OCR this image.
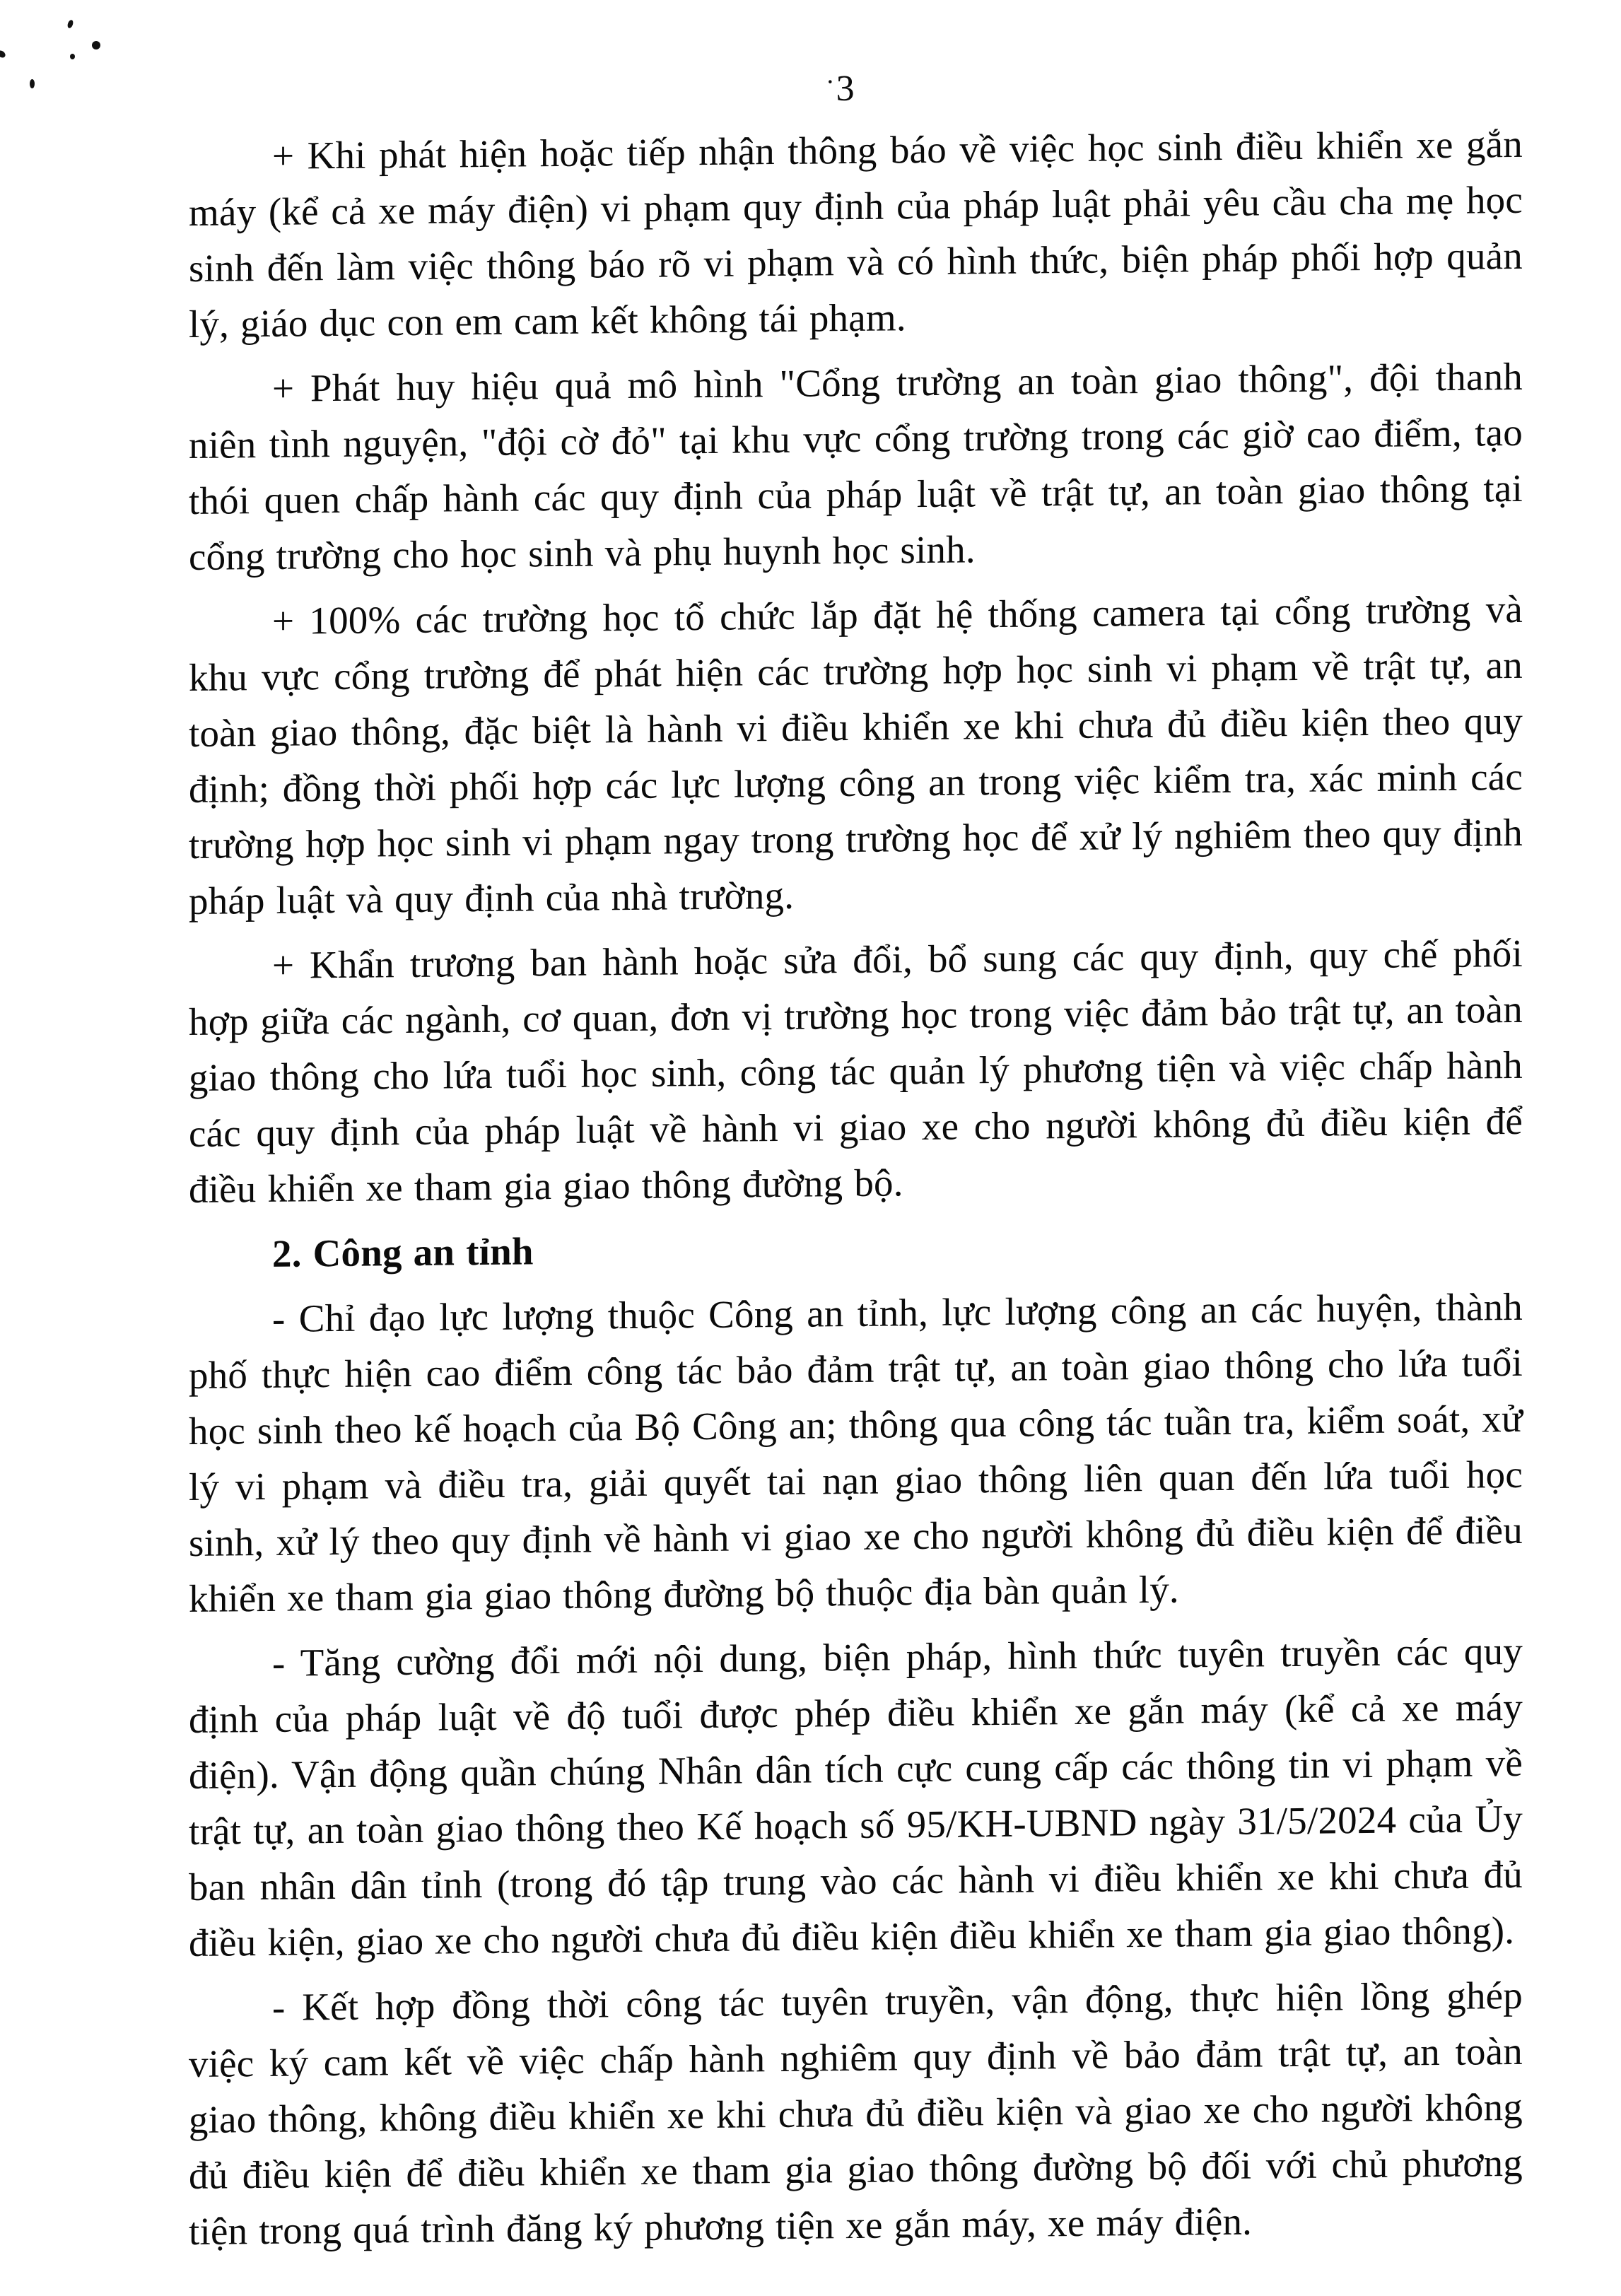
·3

+ Khi phát hiện hoặc tiếp nhận thông báo về việc học sinh điều khiển xe gắn máy (kể cả xe máy điện) vi phạm quy định của pháp luật phải yêu cầu cha mẹ học sinh đến làm việc thông báo rõ vi phạm và có hình thức, biện pháp phối hợp quản lý, giáo dục con em cam kết không tái phạm.

+ Phát huy hiệu quả mô hình "Cổng trường an toàn giao thông", đội thanh niên tình nguyện, "đội cờ đỏ" tại khu vực cổng trường trong các giờ cao điểm, tạo thói quen chấp hành các quy định của pháp luật về trật tự, an toàn giao thông tại cổng trường cho học sinh và phụ huynh học sinh.

+ 100% các trường học tổ chức lắp đặt hệ thống camera tại cổng trường và khu vực cổng trường để phát hiện các trường hợp học sinh vi phạm về trật tự, an toàn giao thông, đặc biệt là hành vi điều khiển xe khi chưa đủ điều kiện theo quy định; đồng thời phối hợp các lực lượng công an trong việc kiểm tra, xác minh các trường hợp học sinh vi phạm ngay trong trường học để xử lý nghiêm theo quy định pháp luật và quy định của nhà trường.

+ Khẩn trương ban hành hoặc sửa đổi, bổ sung các quy định, quy chế phối hợp giữa các ngành, cơ quan, đơn vị trường học trong việc đảm bảo trật tự, an toàn giao thông cho lứa tuổi học sinh, công tác quản lý phương tiện và việc chấp hành các quy định của pháp luật về hành vi giao xe cho người không đủ điều kiện để điều khiển xe tham gia giao thông đường bộ.

2. Công an tỉnh

- Chỉ đạo lực lượng thuộc Công an tỉnh, lực lượng công an các huyện, thành phố thực hiện cao điểm công tác bảo đảm trật tự, an toàn giao thông cho lứa tuổi học sinh theo kế hoạch của Bộ Công an; thông qua công tác tuần tra, kiểm soát, xử lý vi phạm và điều tra, giải quyết tai nạn giao thông liên quan đến lứa tuổi học sinh, xử lý theo quy định về hành vi giao xe cho người không đủ điều kiện để điều khiển xe tham gia giao thông đường bộ thuộc địa bàn quản lý.

- Tăng cường đổi mới nội dung, biện pháp, hình thức tuyên truyền các quy định của pháp luật về độ tuổi được phép điều khiển xe gắn máy (kể cả xe máy điện). Vận động quần chúng Nhân dân tích cực cung cấp các thông tin vi phạm về trật tự, an toàn giao thông theo Kế hoạch số 95/KH-UBND ngày 31/5/2024 của Ủy ban nhân dân tỉnh (trong đó tập trung vào các hành vi điều khiển xe khi chưa đủ điều kiện, giao xe cho người chưa đủ điều kiện điều khiển xe tham gia giao thông).

- Kết hợp đồng thời công tác tuyên truyền, vận động, thực hiện lồng ghép việc ký cam kết về việc chấp hành nghiêm quy định về bảo đảm trật tự, an toàn giao thông, không điều khiển xe khi chưa đủ điều kiện và giao xe cho người không đủ điều kiện để điều khiển xe tham gia giao thông đường bộ đối với chủ phương tiện trong quá trình đăng ký phương tiện xe gắn máy, xe máy điện.
